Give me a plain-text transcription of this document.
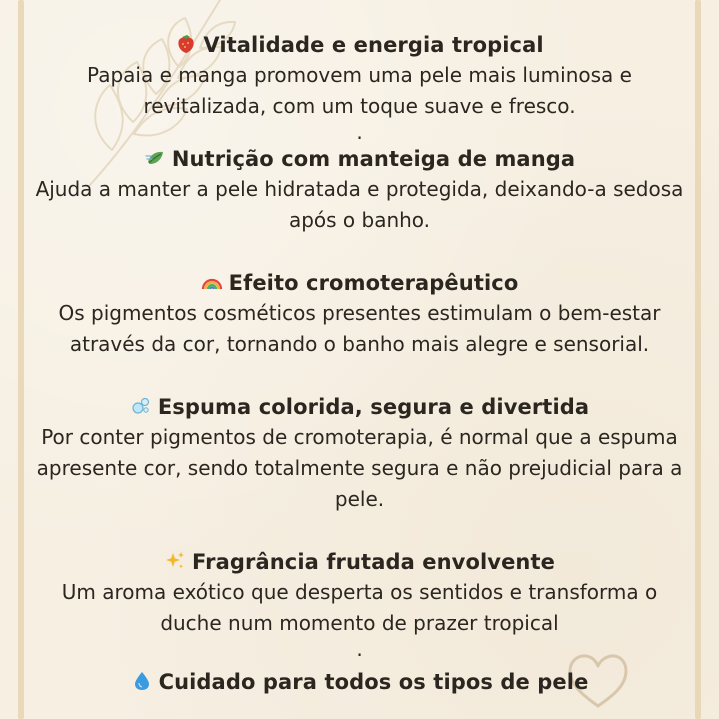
Vitalidade e energia tropical
Papaia e manga promovem uma pele mais luminosa e revitalizada, com um toque suave e fresco.
.
Nutrição com manteiga de manga
Ajuda a manter a pele hidratada e protegida, deixando-a sedosa após o banho.
Efeito cromoterapêutico
Os pigmentos cosméticos presentes estimulam o bem-estar através da cor, tornando o banho mais alegre e sensorial.
Espuma colorida, segura e divertida
Por conter pigmentos de cromoterapia, é normal que a espuma apresente cor, sendo totalmente segura e não prejudicial para a pele.
Fragrância frutada envolvente
Um aroma exótico que desperta os sentidos e transforma o duche num momento de prazer tropical
.
Cuidado para todos os tipos de pele
